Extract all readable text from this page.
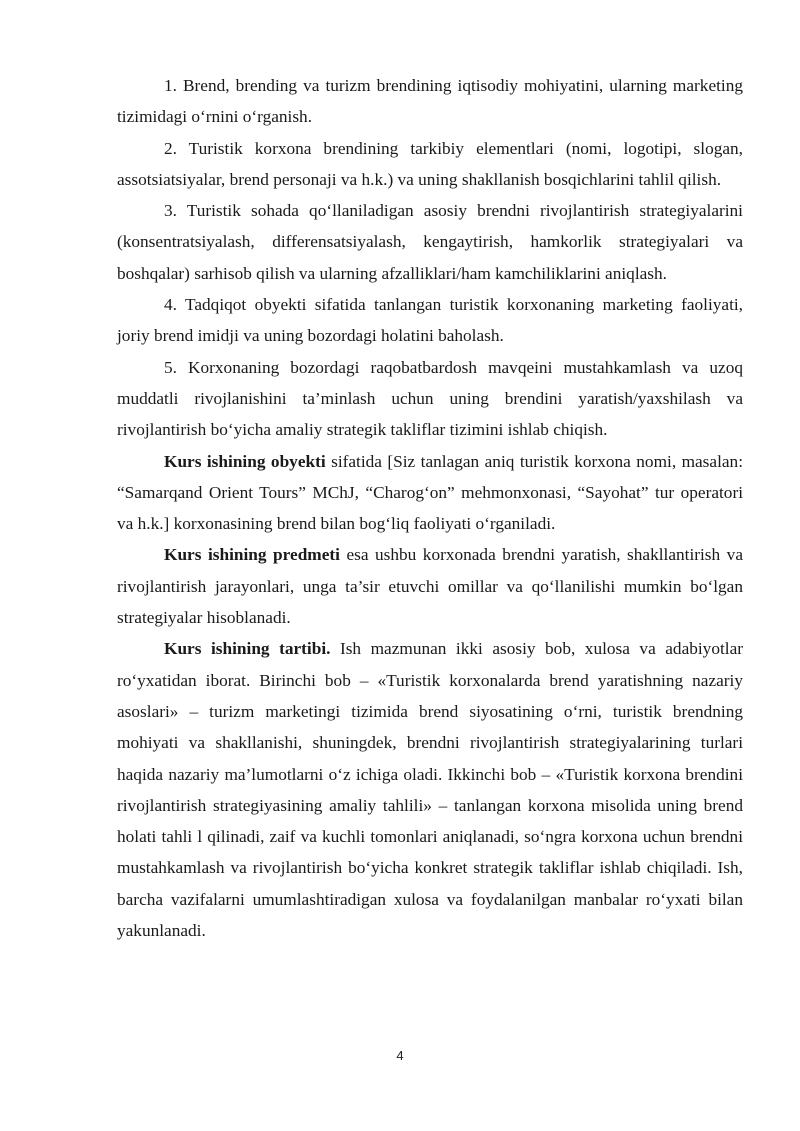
1. Brend, brending va turizm brendining iqtisodiy mohiyatini, ularning marketing tizimidagi o‘rnini o‘rganish.

2. Turistik korxona brendining tarkibiy elementlari (nomi, logotipi, slogan, assotsiatsiyalar, brend personaji va h.k.) va uning shakllanish bosqichlarini tahlil qilish.

3. Turistik sohada qo‘llaniladigan asosiy brendni rivojlantirish strategiyalarini (konsentratsiyalash, differensatsiyalash, kengaytirish, hamkorlik strategiyalari va boshqalar) sarhisob qilish va ularning afzalliklari/ham kamchiliklarini aniqlash.

4. Tadqiqot obyekti sifatida tanlangan turistik korxonaning marketing faoliyati, joriy brend imidji va uning bozordagi holatini baholash.

5. Korxonaning bozordagi raqobatbardosh mavqeini mustahkamlash va uzoq muddatli rivojlanishini ta’minlash uchun uning brendini yaratish/yaxshilash va rivojlantirish bo‘yicha amaliy strategik takliflar tizimini ishlab chiqish.

Kurs ishining obyekti sifatida [Siz tanlagan aniq turistik korxona nomi, masalan: “Samarqand Orient Tours” MChJ, “Charog‘on” mehmonxonasi, “Sayohat” tur operatori va h.k.] korxonasining brend bilan bog‘liq faoliyati o‘rganiladi.

Kurs ishining predmeti esa ushbu korxonada brendni yaratish, shakllantirish va rivojlantirish jarayonlari, unga ta’sir etuvchi omillar va qo‘llanilishi mumkin bo‘lgan strategiyalar hisoblanadi.

Kurs ishining tartibi. Ish mazmunan ikki asosiy bob, xulosa va adabiyotlar ro‘yxatidan iborat. Birinchi bob – «Turistik korxonalarda brend yaratishning nazariy asoslari» – turizm marketingi tizimida brend siyosatining o‘rni, turistik brendning mohiyati va shakllanishi, shuningdek, brendni rivojlantirish strategiyalarining turlari haqida nazariy ma’lumotlarni o‘z ichiga oladi. Ikkinchi bob – «Turistik korxona brendini rivojlantirish strategiyasining amaliy tahlili» – tanlangan korxona misolida uning brend holati tahli l qilinadi, zaif va kuchli tomonlari aniqlanadi, so‘ngra korxona uchun brendni mustahkamlash va rivojlantirish bo‘yicha konkret strategik takliflar ishlab chiqiladi. Ish, barcha vazifalarni umumlashtiradigan xulosa va foydalanilgan manbalar ro‘yxati bilan yakunlanadi.

4
